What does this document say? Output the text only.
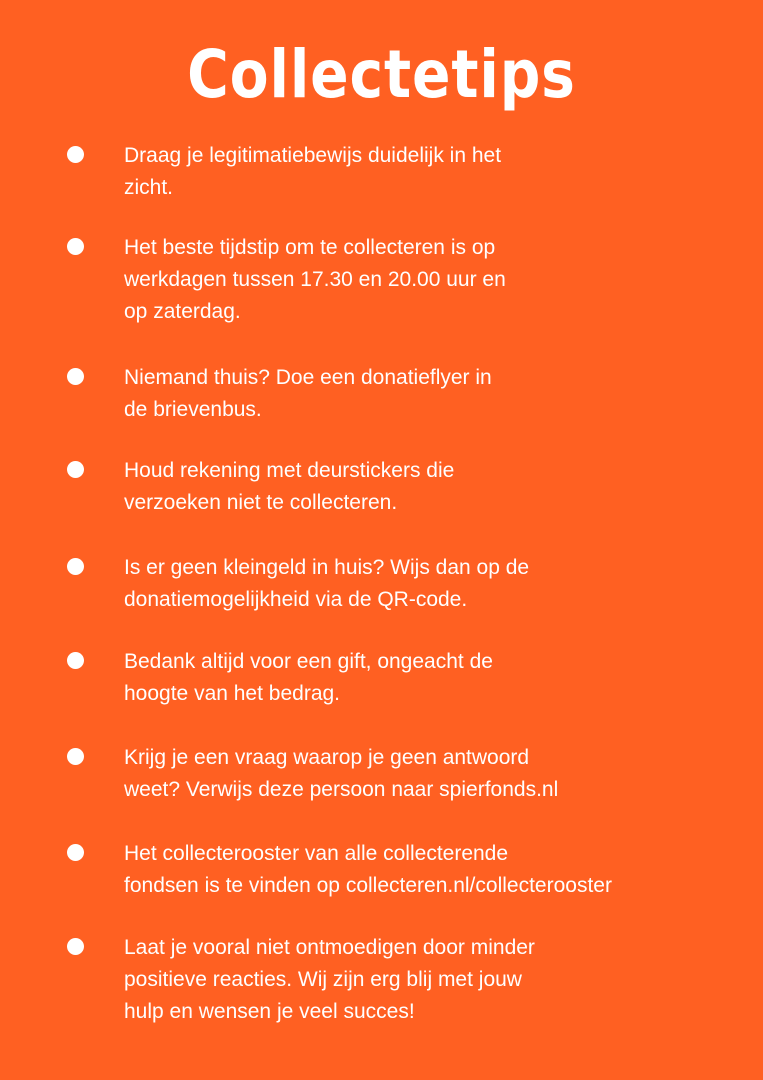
Collectetips
Draag je legitimatiebewijs duidelijk in het
zicht.
Het beste tijdstip om te collecteren is op
werkdagen tussen 17.30 en 20.00 uur en
op zaterdag.
Niemand thuis? Doe een donatieflyer in
de brievenbus.
Houd rekening met deurstickers die
verzoeken niet te collecteren.
Is er geen kleingeld in huis? Wijs dan op de
donatiemogelijkheid via de QR-code.
Bedank altijd voor een gift, ongeacht de
hoogte van het bedrag.
Krijg je een vraag waarop je geen antwoord
weet? Verwijs deze persoon naar spierfonds.nl
Het collecterooster van alle collecterende
fondsen is te vinden op collecteren.nl/collecterooster
Laat je vooral niet ontmoedigen door minder
positieve reacties. Wij zijn erg blij met jouw
hulp en wensen je veel succes!
